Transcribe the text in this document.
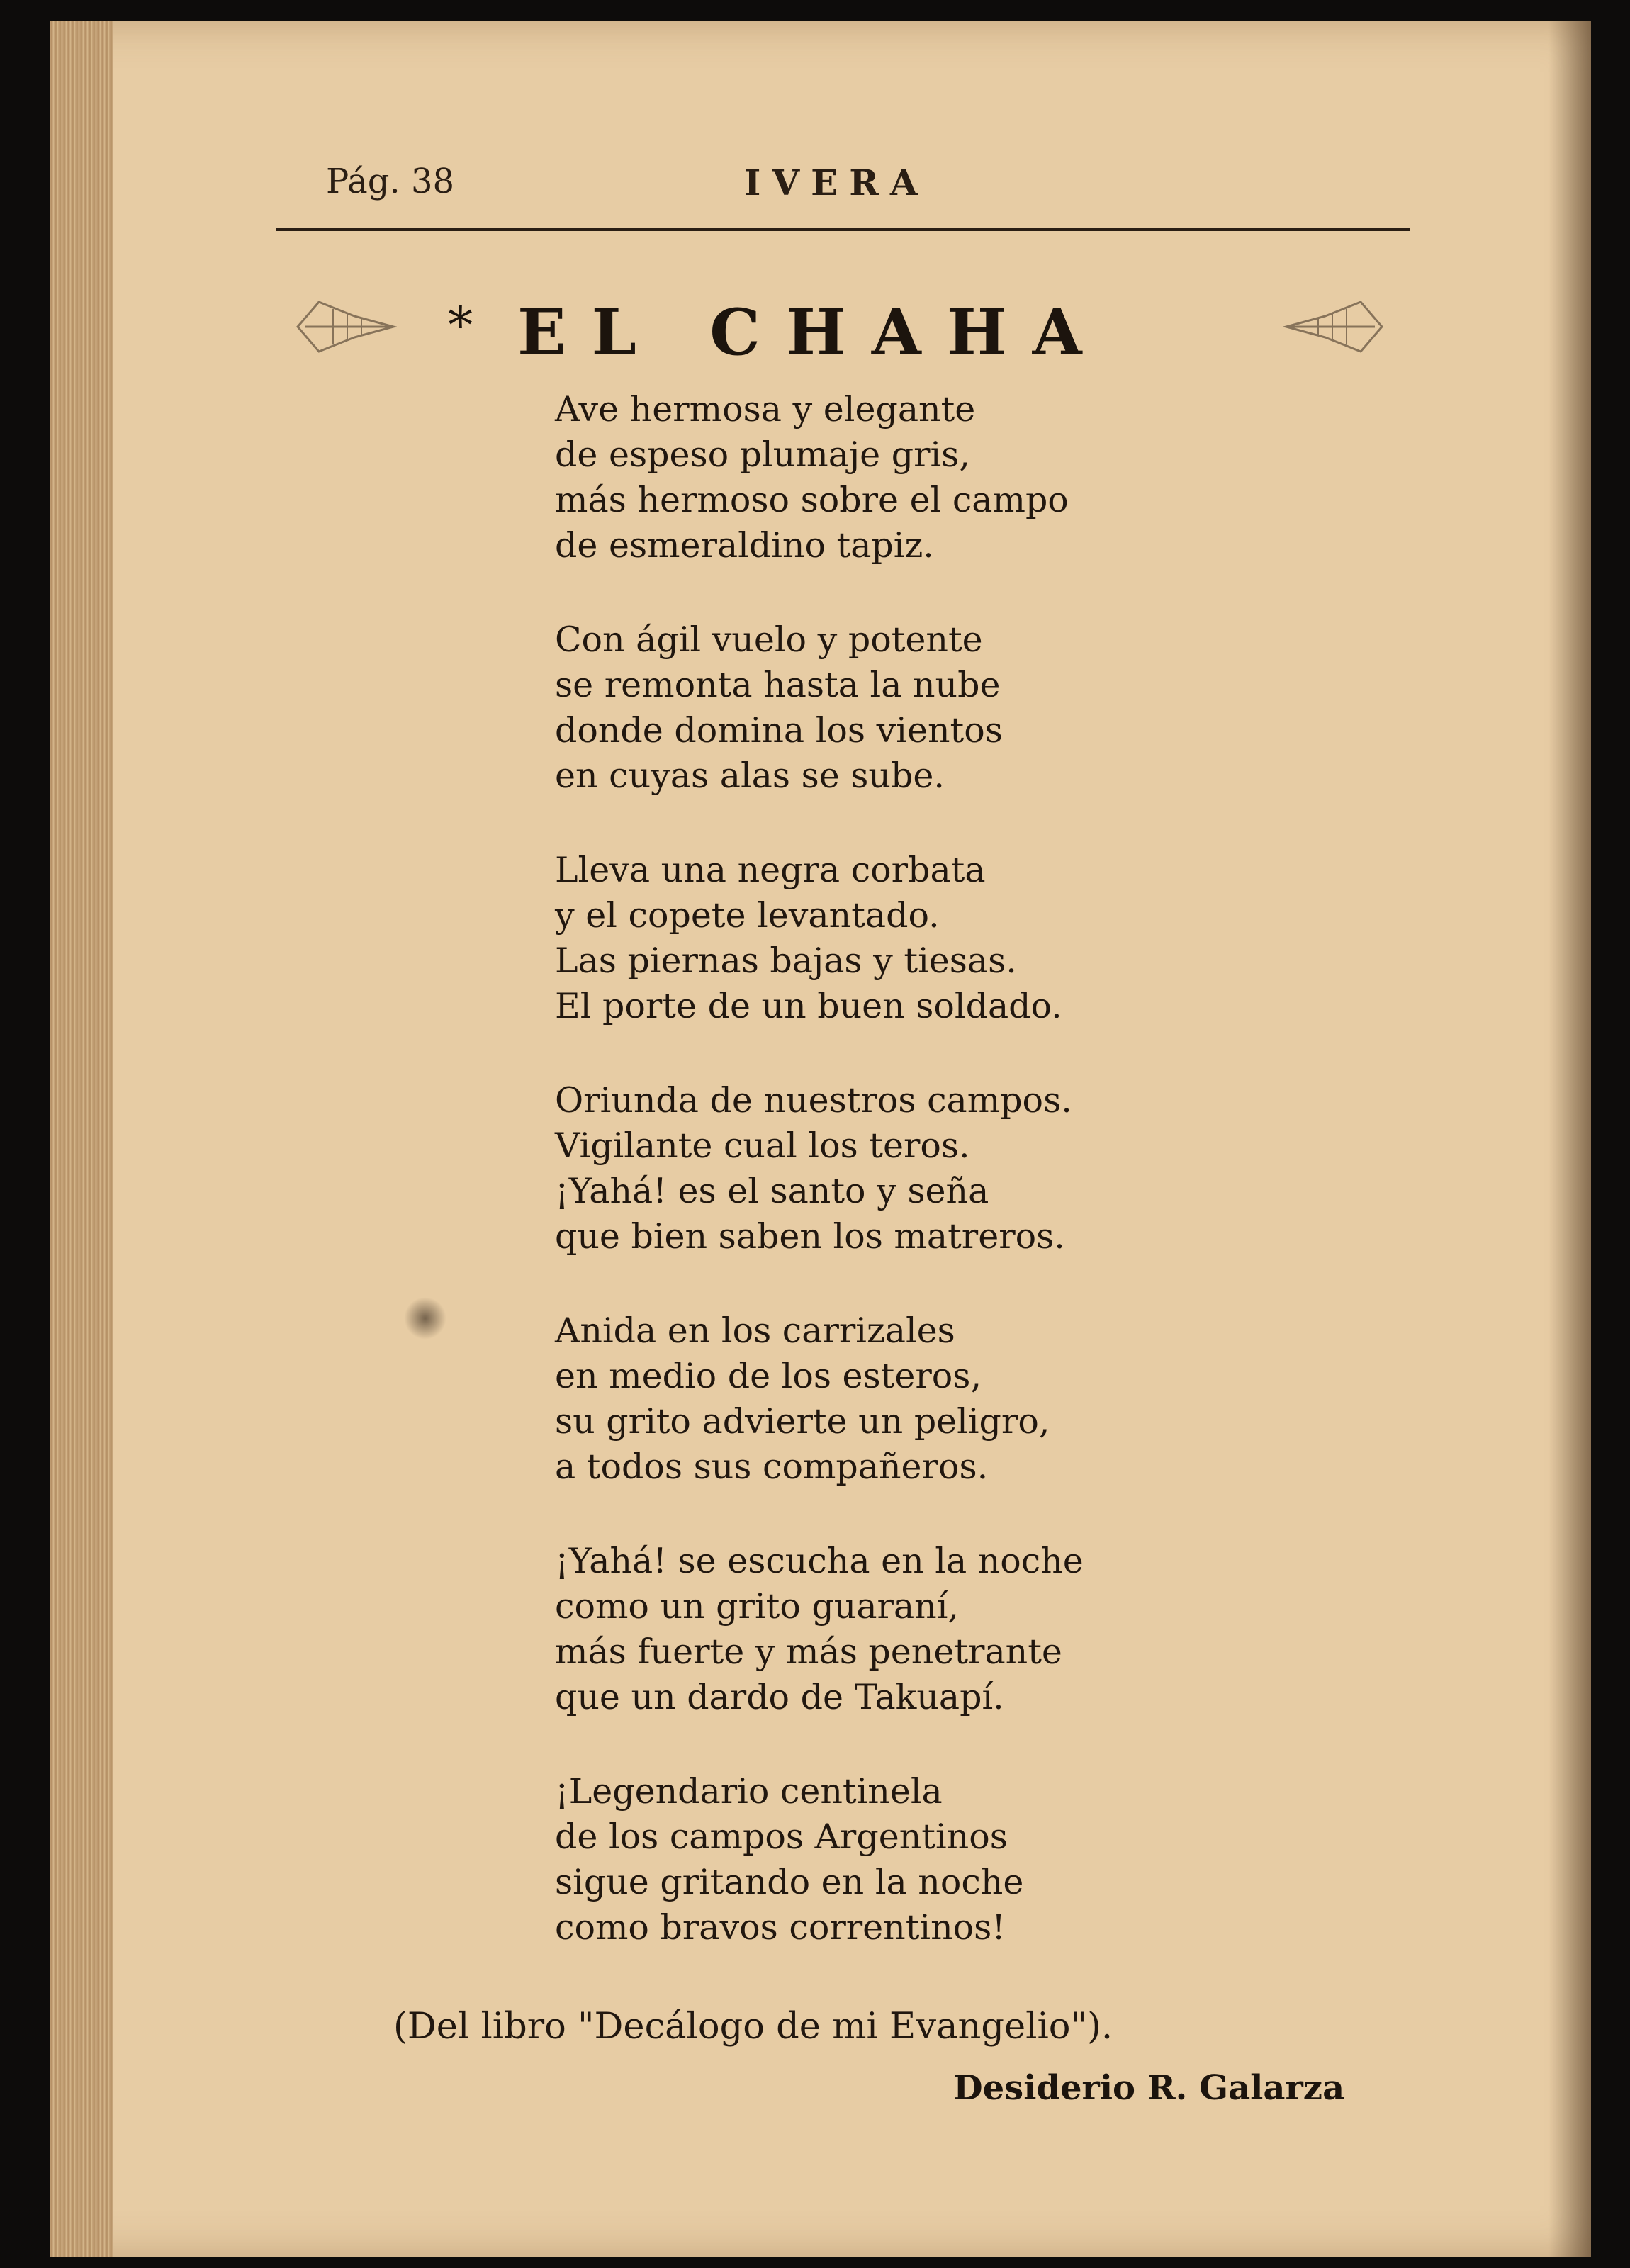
Pág. 38	IVERA
* EL CHAHA
Ave hermosa y elegante
de espeso plumaje gris,
más hermoso sobre el campo
de esmeraldino tapiz.
Con ágil vuelo y potente
se remonta hasta la nube
donde domina los vientos
en cuyas alas se sube.
Lleva una negra corbata
y el copete levantado.
Las piernas bajas y tiesas.
El porte de un buen soldado.
Oriunda de nuestros campos.
Vigilante cual los teros.
¡Yahá! es el santo y seña
que bien saben los matreros.
Anida en los carrizales
en medio de los esteros,
su grito advierte un peligro,
a todos sus compañeros.
¡Yahá! se escucha en la noche
como un grito guaraní,
más fuerte y más penetrante
que un dardo de Takuapí.
¡Legendario centinela
de los campos Argentinos
sigue gritando en la noche
como bravos correntinos!
(Del libro "Decálogo de mi Evangelio").
Desiderio R. Galarza
